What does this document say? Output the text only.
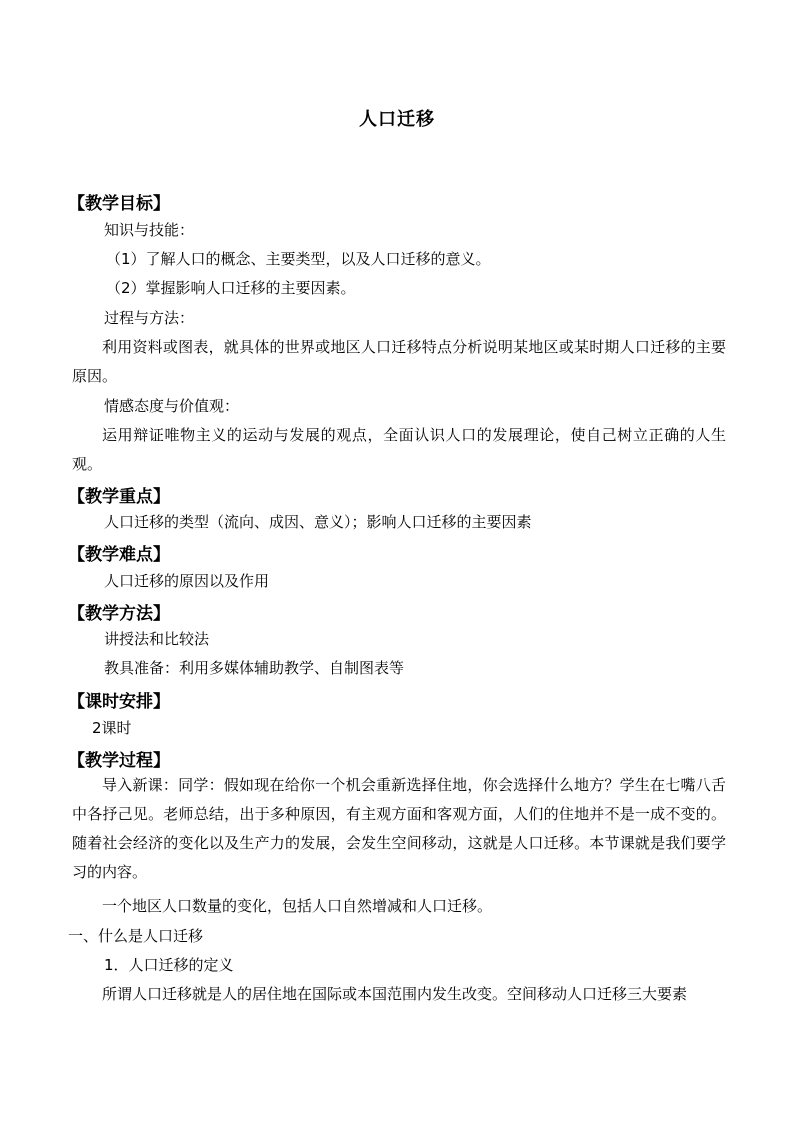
人口迁移
【教学目标】
知识与技能：
（1）了解人口的概念、主要类型，以及人口迁移的意义。
（2）掌握影响人口迁移的主要因素。
过程与方法：

利用资料或图表，就具体的世界或地区人口迁移特点分析说明某地区或某时期人口迁移的主要原因。

情感态度与价值观：

运用辩证唯物主义的运动与发展的观点，全面认识人口的发展理论，使自己树立正确的人生观。

【教学重点】
人口迁移的类型（流向、成因、意义）；影响人口迁移的主要因素
【教学难点】
人口迁移的原因以及作用
【教学方法】
讲授法和比较法
教具准备：利用多媒体辅助教学、自制图表等
【课时安排】
2课时
【教学过程】

导入新课：同学：假如现在给你一个机会重新选择住地，你会选择什么地方？学生在七嘴八舌中各抒己见。老师总结，出于多种原因，有主观方面和客观方面，人们的住地并不是一成不变的。随着社会经济的变化以及生产力的发展，会发生空间移动，这就是人口迁移。本节课就是我们要学习的内容。

一个地区人口数量的变化，包括人口自然增减和人口迁移。

一、什么是人口迁移
1．人口迁移的定义

所谓人口迁移就是人的居住地在国际或本国范围内发生改变。空间移动人口迁移三大要素
